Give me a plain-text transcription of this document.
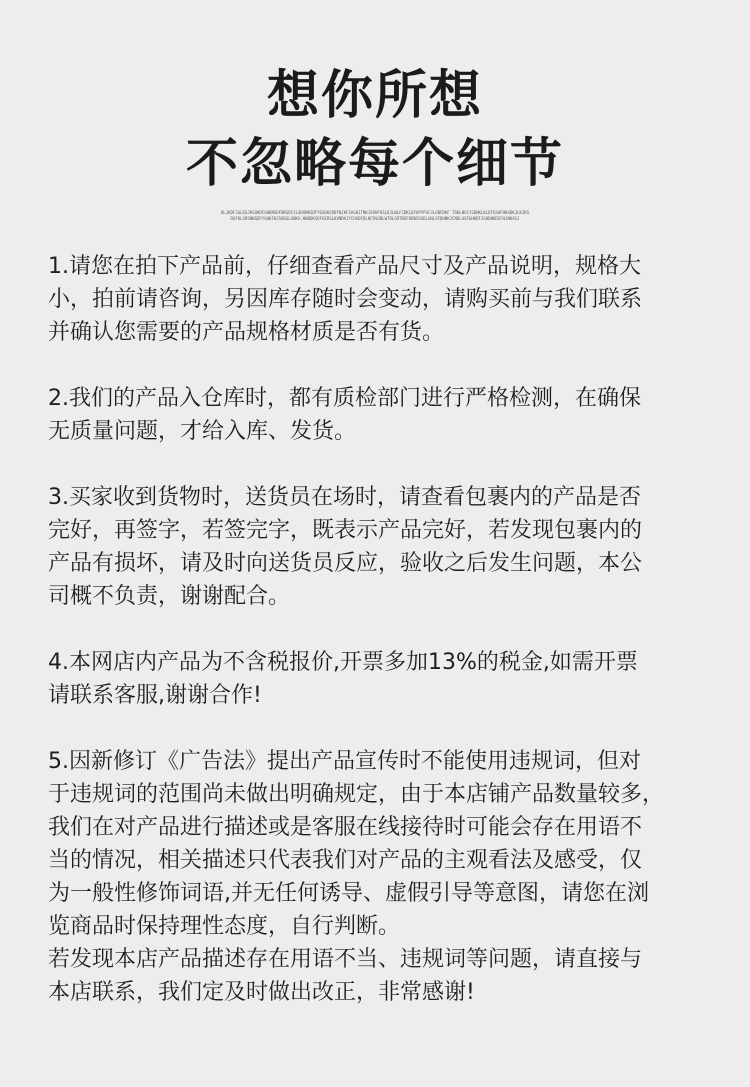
想你所想
不忽略每个细节
OLJKDFJGLDSJKGOKDFGHKNSDFBKSDFJLSDVNKSDFYGSDHJDDFNJKFSAGHJTNKJSDHFOSLDJLWLFCDKLDFOPYPSFJLGNFDKF TGKLNGFJSDHKLKLDFGSHFHKSDKJLKJKSDGFKLSKSNNSDFYGHKFHJSNSSLGNKX;WNBDKSDFHIDSLKVNDKJYCHSDFDLKFDSGNLWTDLGRTNSFKDBCKSDLGNLSFDHNKJCNDLASFGHKDFJGHDNKDSFHJNKASJ

1.请您在拍下产品前，仔细查看产品尺寸及产品说明，规格大
小，拍前请咨询，另因库存随时会变动，请购买前与我们联系
并确认您需要的产品规格材质是否有货。

2.我们的产品入仓库时，都有质检部门进行严格检测，在确保
无质量问题，才给入库、发货。

3.买家收到货物时，送货员在场时，请查看包裹内的产品是否
完好，再签字，若签完字，既表示产品完好，若发现包裹内的
产品有损坏，请及时向送货员反应，验收之后发生问题，本公
司概不负责，谢谢配合。

4.本网店内产品为不含税报价,开票多加13%的税金,如需开票
请联系客服,谢谢合作!

5.因新修订《广告法》提出产品宣传时不能使用违规词，但对
于违规词的范围尚未做出明确规定，由于本店铺产品数量较多，
我们在对产品进行描述或是客服在线接待时可能会存在用语不
当的情况，相关描述只代表我们对产品的主观看法及感受，仅
为一般性修饰词语,并无任何诱导、虚假引导等意图，请您在浏
览商品时保持理性态度，自行判断。
若发现本店产品描述存在用语不当、违规词等问题，请直接与
本店联系，我们定及时做出改正，非常感谢!
